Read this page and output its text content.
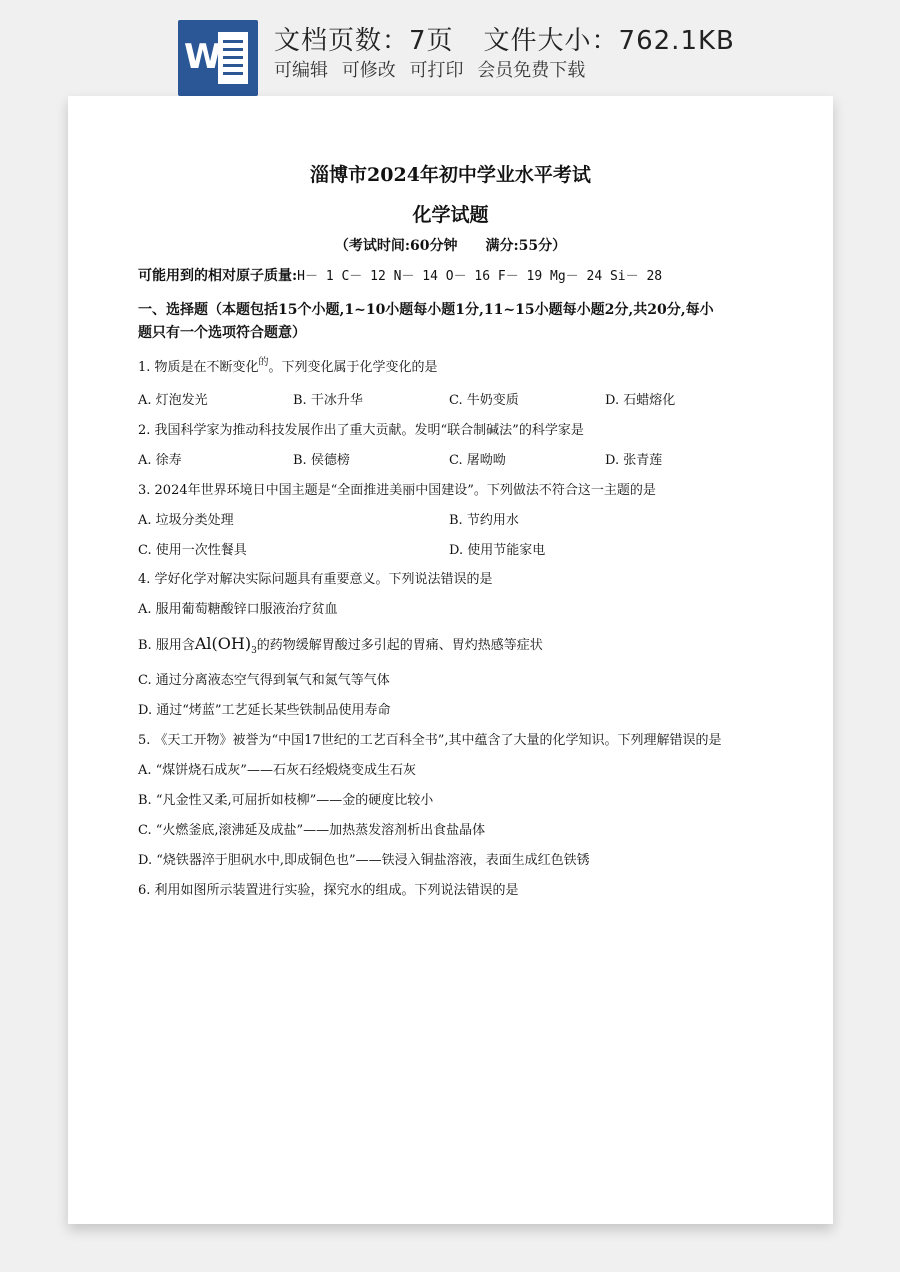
W 文档页数：7页 文件大小：762.1KB
可编辑 可修改 可打印 会员免费下载
淄博市2024年初中学业水平考试
化学试题
（考试时间:60分钟　　满分:55分）
可能用到的相对原子质量:H－ 1 C－ 12 N－ 14 O－ 16 F－ 19 Mg－ 24 Si－ 28
一、选择题（本题包括15个小题,1~10小题每小题1分,11~15小题每小题2分,共20分,每小
题只有一个选项符合题意）
1. 物质是在不断变化$^的$。下列变化属于化学变化的是
A. 灯泡发光	B. 干冰升华	C. 牛奶变质	D. 石蜡熔化
2. 我国科学家为推动科技发展作出了重大贡献。发明“联合制碱法”的科学家是
A. 徐寿	B. 侯德榜	C. 屠呦呦	D. 张青莲
3. 2024年世界环境日中国主题是“全面推进美丽中国建设”。下列做法不符合这一主题的是
A. 垃圾分类处理	B. 节约用水
C. 使用一次性餐具	D. 使用节能家电
4. 学好化学对解决实际问题具有重要意义。下列说法错误的是
A. 服用葡萄糖酸锌口服液治疗贫血
B. 服用含$Al(OH)_3$的药物缓解胃酸过多引起的胃痛、胃灼热感等症状
C. 通过分离液态空气得到氧气和氮气等气体
D. 通过“烤蓝”工艺延长某些铁制品使用寿命
5. 《天工开物》被誉为“中国17世纪的工艺百科全书”,其中蕴含了大量的化学知识。下列理解错误的是
A. “煤饼烧石成灰”——石灰石经煅烧变成生石灰
B. “凡金性又柔,可屈折如枝柳”——金的硬度比较小
C. “火燃釜底,滚沸延及成盐”——加热蒸发溶剂析出食盐晶体
D. “烧铁器淬于胆矾水中,即成铜色也”——铁浸入铜盐溶液，表面生成红色铁锈
6. 利用如图所示装置进行实验，探究水的组成。下列说法错误的是
